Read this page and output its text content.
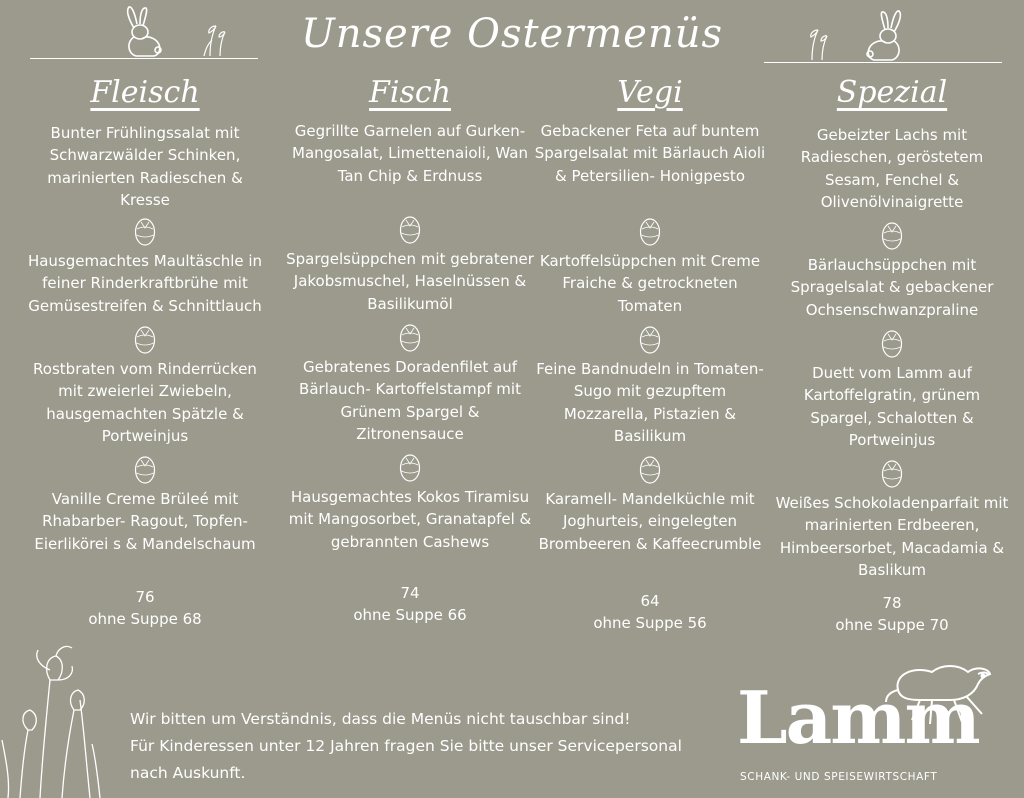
Unsere Ostermenüs
Fleisch
Bunter Frühlingssalat mit Schwarzwälder Schinken, marinierten Radieschen & Kresse
Hausgemachtes Maultäschle in feiner Rinderkraftbrühe mit Gemüsestreifen & Schnittlauch
Rostbraten vom Rinderrücken mit zweierlei Zwiebeln, hausgemachten Spätzle & Portweinjus
Vanille Creme Brüleé mit Rhabarber- Ragout, Topfen- Eierlikörei s & Mandelschaum
76
ohne Suppe 68
Fisch
Gegrillte Garnelen auf Gurken- Mangosalat, Limettenaioli, Wan Tan Chip & Erdnuss
Spargelsüppchen mit gebratener Jakobsmuschel, Haselnüssen & Basilikumöl
Gebratenes Doradenfilet auf Bärlauch- Kartoffelstampf mit Grünem Spargel & Zitronensauce
Hausgemachtes Kokos Tiramisu mit Mangosorbet, Granatapfel & gebrannten Cashews
74
ohne Suppe 66
Vegi
Gebackener Feta auf buntem Spargelsalat mit Bärlauch Aioli & Petersilien- Honigpesto
Kartoffelsüppchen mit Creme Fraiche & getrockneten Tomaten
Feine Bandnudeln in Tomaten- Sugo mit gezupftem Mozzarella, Pistazien & Basilikum
Karamell- Mandelküchle mit Joghurteis, eingelegten Brombeeren & Kaffeecrumble
64
ohne Suppe 56
Spezial
Gebeizter Lachs mit Radieschen, geröstetem Sesam, Fenchel & Olivenölvinaigrette
Bärlauchsüppchen mit Spragelsalat & gebackener Ochsenschwanzpraline
Duett vom Lamm auf Kartoffelgratin, grünem Spargel, Schalotten & Portweinjus
Weißes Schokoladenparfait mit marinierten Erdbeeren, Himbeersorbet, Macadamia & Baslikum
78
ohne Suppe 70
Wir bitten um Verständnis, dass die Menüs nicht tauschbar sind!
Für Kinderessen unter 12 Jahren fragen Sie bitte unser Servicepersonal
nach Auskunft.
Lamm
SCHANK- UND SPEISEWIRTSCHAFT
